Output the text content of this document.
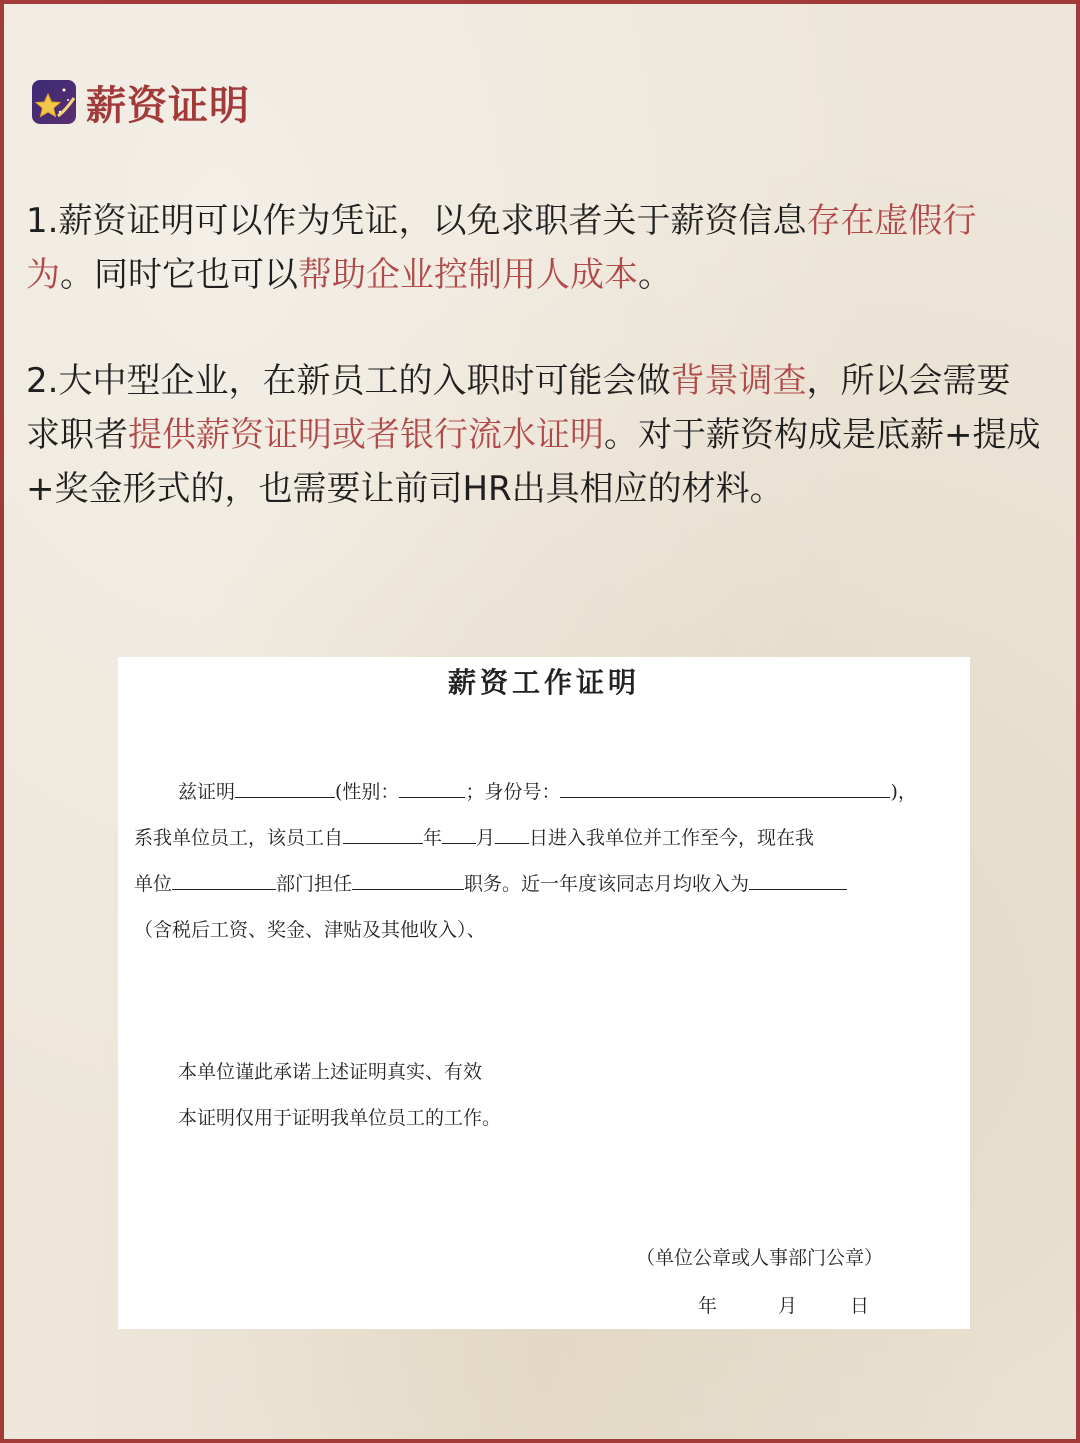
薪资证明

1.薪资证明可以作为凭证，以免求职者关于薪资信息存在虚假行
为。同时它也可以帮助企业控制用人成本。

2.大中型企业，在新员工的入职时可能会做背景调查，所以会需要
求职者提供薪资证明或者银行流水证明。对于薪资构成是底薪+提成
+奖金形式的，也需要让前司HR出具相应的材料。

薪资工作证明
兹证明	(性别：	；身份号：	)，
系我单位员工，该员工自	年 月 日进入我单位并工作至今，现在我
单位	部门担任	职务。近一年度该同志月均收入为
（含税后工资、奖金、津贴及其他收入）、
本单位谨此承诺上述证明真实、有效
本证明仅用于证明我单位员工的工作。
（单位公章或人事部门公章）
年	月	日
